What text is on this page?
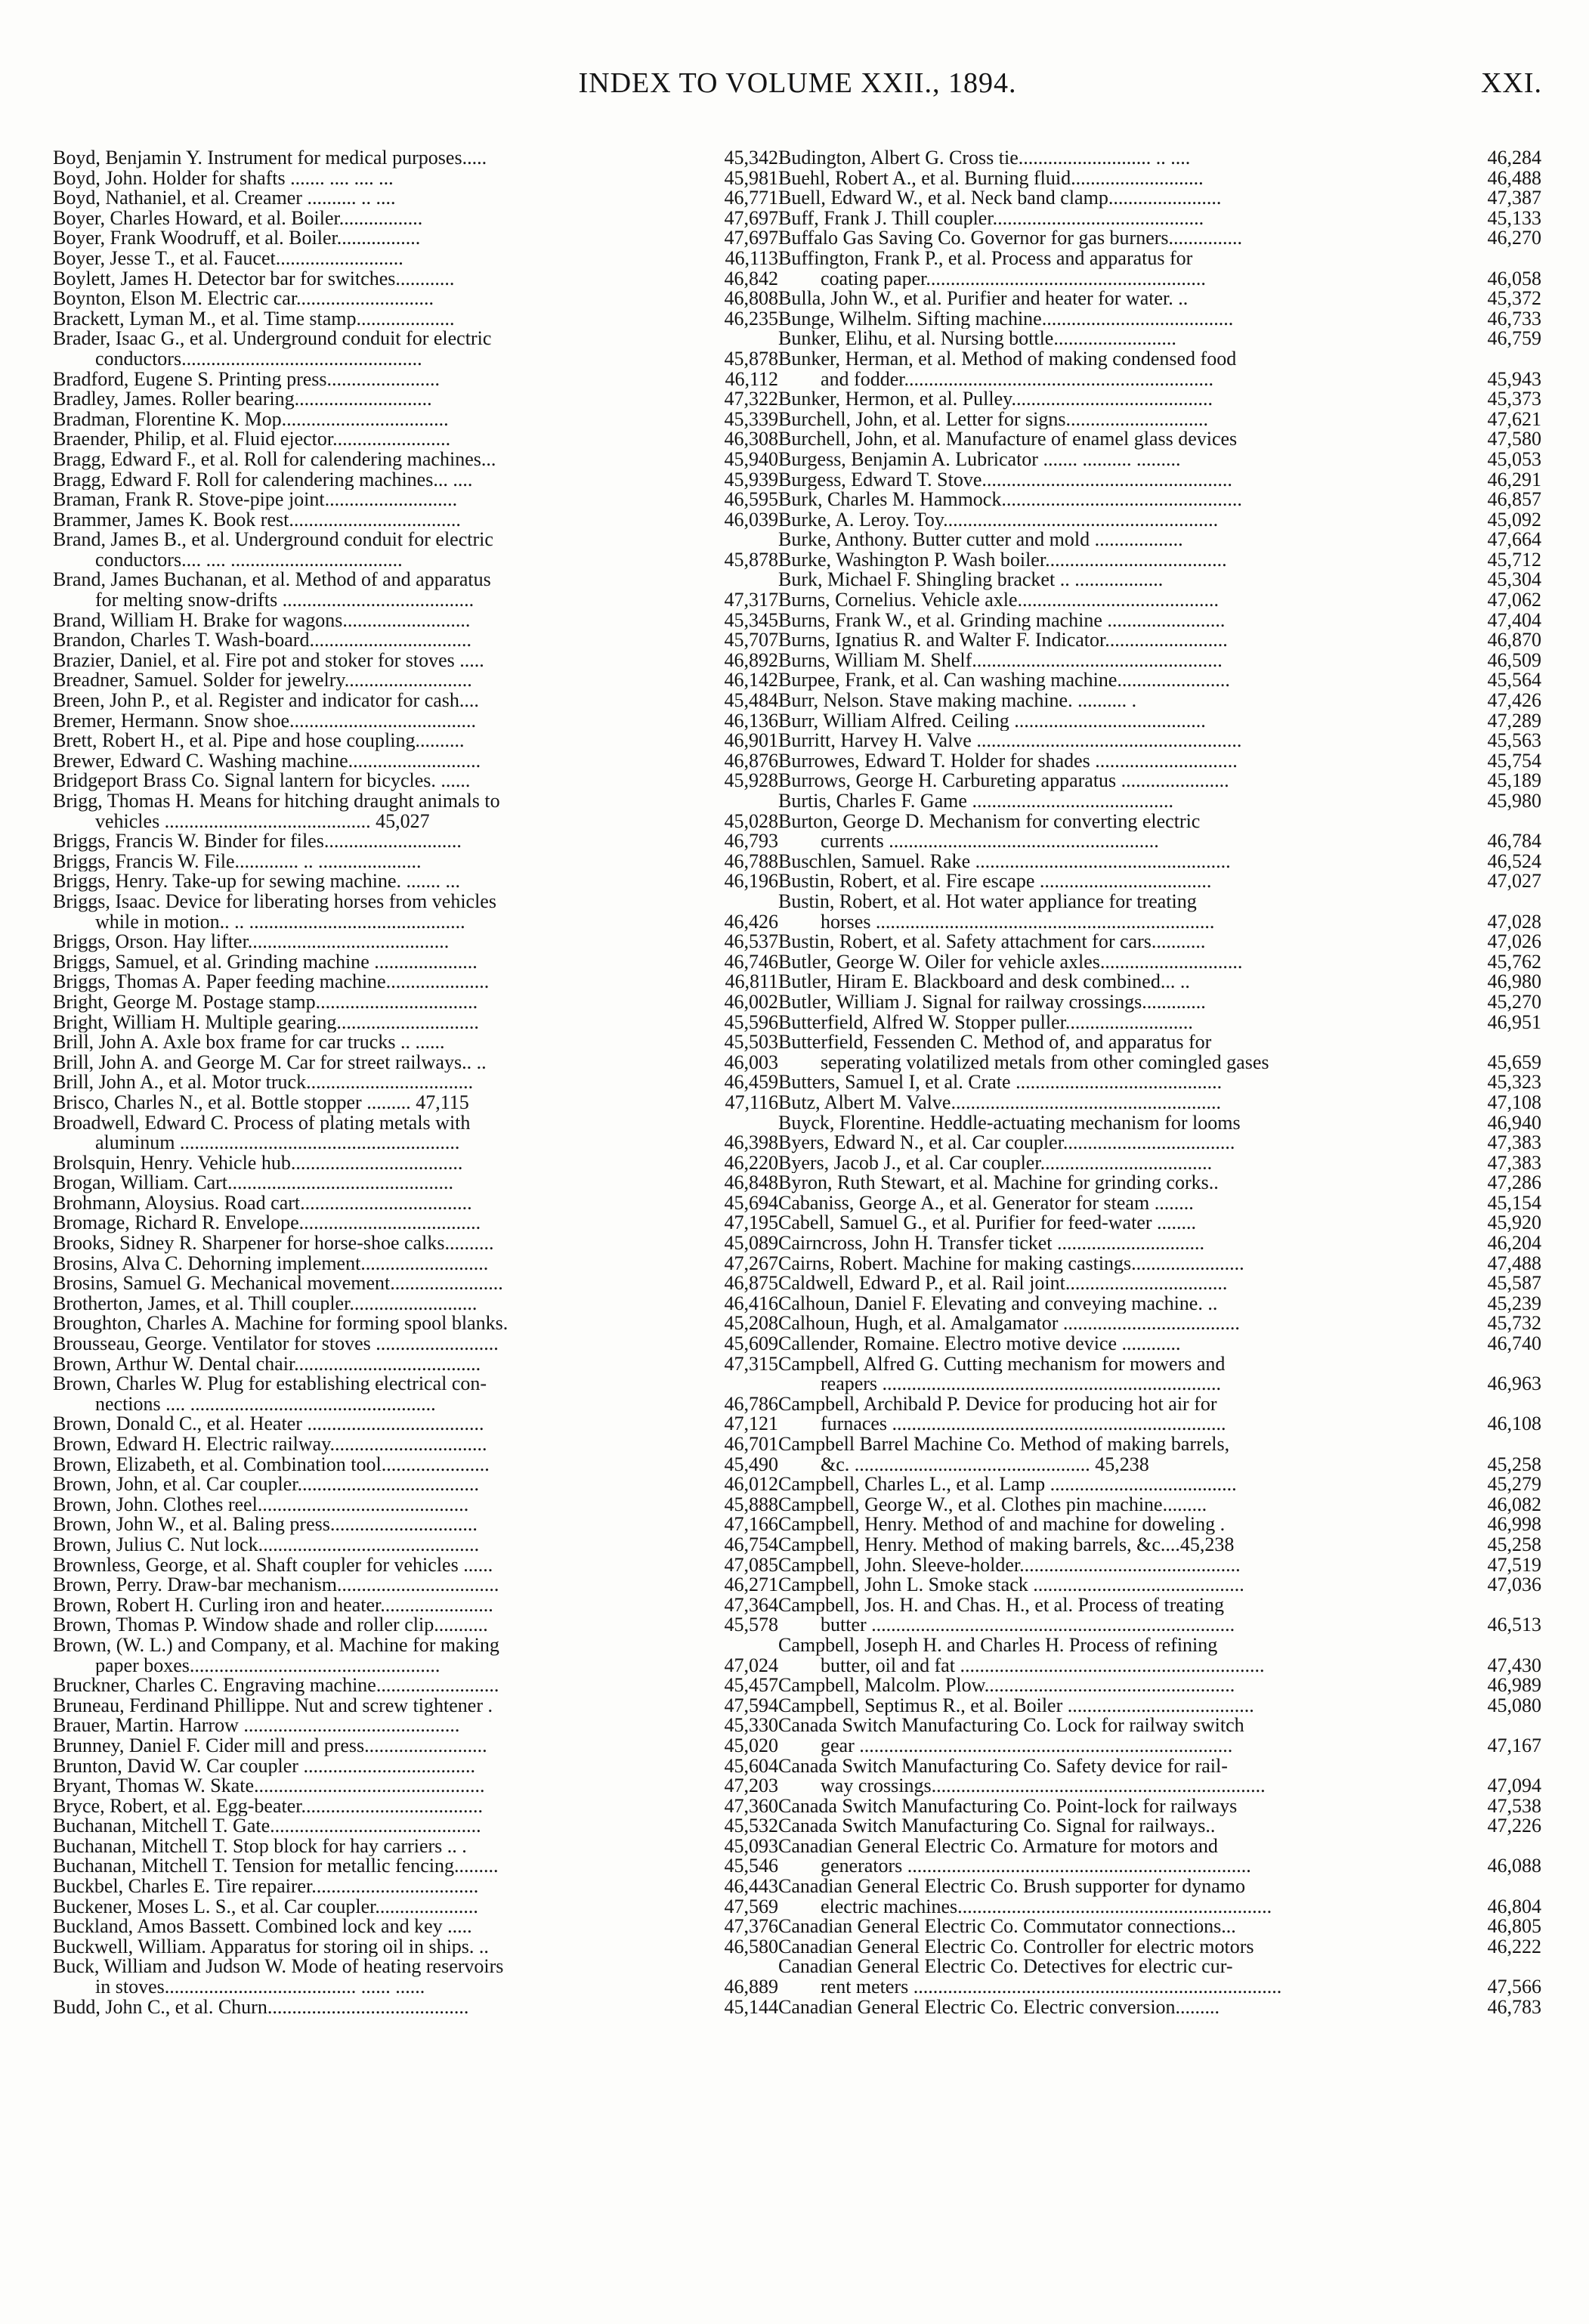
INDEX TO VOLUME XXII., 1894.	XXI.
Boyd, Benjamin Y. Instrument for medical purposes.....	45,342
Boyd, John. Holder for shafts ....... .... .... ...	45,981
Boyd, Nathaniel, et al. Creamer .......... .. ....	46,771
Boyer, Charles Howard, et al. Boiler.................	47,697
Boyer, Frank Woodruff, et al. Boiler.................	47,697
Boyer, Jesse T., et al. Faucet..........................	46,113
Boylett, James H. Detector bar for switches............	46,842
Boynton, Elson M. Electric car............................	46,808
Brackett, Lyman M., et al. Time stamp....................	46,235
Brader, Isaac G., et al. Underground conduit for electric
conductors.................................................	45,878
Bradford, Eugene S. Printing press.......................	46,112
Bradley, James. Roller bearing............................	47,322
Bradman, Florentine K. Mop..................................	45,339
Braender, Philip, et al. Fluid ejector........................	46,308
Bragg, Edward F., et al. Roll for calendering machines...	45,940
Bragg, Edward F. Roll for calendering machines... ....	45,939
Braman, Frank R. Stove-pipe joint...........................	46,595
Brammer, James K. Book rest...................................	46,039
Brand, James B., et al. Underground conduit for electric
conductors.... .... ...................................	45,878
Brand, James Buchanan, et al. Method of and apparatus
for melting snow-drifts .......................................	47,317
Brand, William H. Brake for wagons..........................	45,345
Brandon, Charles T. Wash-board.................................	45,707
Brazier, Daniel, et al. Fire pot and stoker for stoves .....	46,892
Breadner, Samuel. Solder for jewelry..........................	46,142
Breen, John P., et al. Register and indicator for cash....	45,484
Bremer, Hermann. Snow shoe......................................	46,136
Brett, Robert H., et al. Pipe and hose coupling..........	46,901
Brewer, Edward C. Washing machine...........................	46,876
Bridgeport Brass Co. Signal lantern for bicycles. ......	45,928
Brigg, Thomas H. Means for hitching draught animals to
vehicles .......................................... 45,027	45,028
Briggs, Francis W. Binder for files............................	46,793
Briggs, Francis W. File............. .. .....................	46,788
Briggs, Henry. Take-up for sewing machine. ....... ...	46,196
Briggs, Isaac. Device for liberating horses from vehicles
while in motion.. .. ............................................	46,426
Briggs, Orson. Hay lifter.........................................	46,537
Briggs, Samuel, et al. Grinding machine .....................	46,746
Briggs, Thomas A. Paper feeding machine.....................	46,811
Bright, George M. Postage stamp.................................	46,002
Bright, William H. Multiple gearing.............................	45,596
Brill, John A. Axle box frame for car trucks .. ......	45,503
Brill, John A. and George M. Car for street railways.. ..	46,003
Brill, John A., et al. Motor truck..................................	46,459
Brisco, Charles N., et al. Bottle stopper ......... 47,115	47,116
Broadwell, Edward C. Process of plating metals with
aluminum .........................................................	46,398
Brolsquin, Henry. Vehicle hub...................................	46,220
Brogan, William. Cart..............................................	46,848
Brohmann, Aloysius. Road cart...................................	45,694
Bromage, Richard R. Envelope.....................................	47,195
Brooks, Sidney R. Sharpener for horse-shoe calks..........	45,089
Brosins, Alva C. Dehorning implement..........................	47,267
Brosins, Samuel G. Mechanical movement.......................	46,875
Brotherton, James, et al. Thill coupler..........................	46,416
Broughton, Charles A. Machine for forming spool blanks.	45,208
Brousseau, George. Ventilator for stoves .........................	45,609
Brown, Arthur W. Dental chair......................................	47,315
Brown, Charles W. Plug for establishing electrical con-
nections .... ..................................................	46,786
Brown, Donald C., et al. Heater ....................................	47,121
Brown, Edward H. Electric railway................................	46,701
Brown, Elizabeth, et al. Combination tool......................	45,490
Brown, John, et al. Car coupler.....................................	46,012
Brown, John. Clothes reel...........................................	45,888
Brown, John W., et al. Baling press..............................	47,166
Brown, Julius C. Nut lock.............................................	46,754
Brownless, George, et al. Shaft coupler for vehicles ......	47,085
Brown, Perry. Draw-bar mechanism.................................	46,271
Brown, Robert H. Curling iron and heater.......................	47,364
Brown, Thomas P. Window shade and roller clip...........	45,578
Brown, (W. L.) and Company, et al. Machine for making
paper boxes...................................................	47,024
Bruckner, Charles C. Engraving machine.........................	45,457
Bruneau, Ferdinand Phillippe. Nut and screw tightener .	47,594
Brauer, Martin. Harrow ............................................	45,330
Brunney, Daniel F. Cider mill and press.........................	45,020
Brunton, David W. Car coupler ...................................	45,604
Bryant, Thomas W. Skate...............................................	47,203
Bryce, Robert, et al. Egg-beater.....................................	47,360
Buchanan, Mitchell T. Gate...........................................	45,532
Buchanan, Mitchell T. Stop block for hay carriers .. .	45,093
Buchanan, Mitchell T. Tension for metallic fencing.........	45,546
Buckbel, Charles E. Tire repairer..................................	46,443
Buckener, Moses L. S., et al. Car coupler.....................	47,569
Buckland, Amos Bassett. Combined lock and key .....	47,376
Buckwell, William. Apparatus for storing oil in ships. ..	46,580
Buck, William and Judson W. Mode of heating reservoirs
in stoves....................................... ...... ......	46,889
Budd, John C., et al. Churn.........................................	45,144
Budington, Albert G. Cross tie........................... .. ....	46,284
Buehl, Robert A., et al. Burning fluid...........................	46,488
Buell, Edward W., et al. Neck band clamp.......................	47,387
Buff, Frank J. Thill coupler...........................................	45,133
Buffalo Gas Saving Co. Governor for gas burners...............	46,270
Buffington, Frank P., et al. Process and apparatus for
coating paper.........................................................	46,058
Bulla, John W., et al. Purifier and heater for water. ..	45,372
Bunge, Wilhelm. Sifting machine.......................................	46,733
Bunker, Elihu, et al. Nursing bottle.........................	46,759
Bunker, Herman, et al. Method of making condensed food
and fodder...............................................................	45,943
Bunker, Hermon, et al. Pulley.........................................	45,373
Burchell, John, et al. Letter for signs.............................	47,621
Burchell, John, et al. Manufacture of enamel glass devices	47,580
Burgess, Benjamin A. Lubricator ....... .......... .........	45,053
Burgess, Edward T. Stove...................................................	46,291
Burk, Charles M. Hammock.................................................	46,857
Burke, A. Leroy. Toy........................................................	45,092
Burke, Anthony. Butter cutter and mold ..................	47,664
Burke, Washington P. Wash boiler.....................................	45,712
Burk, Michael F. Shingling bracket .. ..................	45,304
Burns, Cornelius. Vehicle axle.........................................	47,062
Burns, Frank W., et al. Grinding machine ........................	47,404
Burns, Ignatius R. and Walter F. Indicator.........................	46,870
Burns, William M. Shelf...................................................	46,509
Burpee, Frank, et al. Can washing machine.......................	45,564
Burr, Nelson. Stave making machine. .......... .	47,426
Burr, William Alfred. Ceiling .......................................	47,289
Burritt, Harvey H. Valve ......................................................	45,563
Burrowes, Edward T. Holder for shades .............................	45,754
Burrows, George H. Carbureting apparatus ......................	45,189
Burtis, Charles F. Game .........................................	45,980
Burton, George D. Mechanism for converting electric
currents .......................................................	46,784
Buschlen, Samuel. Rake ....................................................	46,524
Bustin, Robert, et al. Fire escape ...................................	47,027
Bustin, Robert, et al. Hot water appliance for treating
horses .....................................................................	47,028
Bustin, Robert, et al. Safety attachment for cars...........	47,026
Butler, George W. Oiler for vehicle axles.............................	45,762
Butler, Hiram E. Blackboard and desk combined... ..	46,980
Butler, William J. Signal for railway crossings.............	45,270
Butterfield, Alfred W. Stopper puller..........................	46,951
Butterfield, Fessenden C. Method of, and apparatus for
seperating volatilized metals from other comingled gases	45,659
Butters, Samuel I, et al. Crate ..........................................	45,323
Butz, Albert M. Valve.......................................................	47,108
Buyck, Florentine. Heddle-actuating mechanism for looms	46,940
Byers, Edward N., et al. Car coupler...................................	47,383
Byers, Jacob J., et al. Car coupler...................................	47,383
Byron, Ruth Stewart, et al. Machine for grinding corks..	47,286
Cabaniss, George A., et al. Generator for steam ........	45,154
Cabell, Samuel G., et al. Purifier for feed-water ........	45,920
Cairncross, John H. Transfer ticket ..............................	46,204
Cairns, Robert. Machine for making castings.......................	47,488
Caldwell, Edward P., et al. Rail joint.................................	45,587
Calhoun, Daniel F. Elevating and conveying machine. ..	45,239
Calhoun, Hugh, et al. Amalgamator ....................................	45,732
Callender, Romaine. Electro motive device ............	46,740
Campbell, Alfred G. Cutting mechanism for mowers and
reapers .....................................................................	46,963
Campbell, Archibald P. Device for producing hot air for
furnaces ....................................................................	46,108
Campbell Barrel Machine Co. Method of making barrels,
&c. ................................................ 45,238	45,258
Campbell, Charles L., et al. Lamp ......................................	45,279
Campbell, George W., et al. Clothes pin machine.........	46,082
Campbell, Henry. Method of and machine for doweling .	46,998
Campbell, Henry. Method of making barrels, &c....45,238	45,258
Campbell, John. Sleeve-holder.............................................	47,519
Campbell, John L. Smoke stack ...........................................	47,036
Campbell, Jos. H. and Chas. H., et al. Process of treating
butter ..........................................................................	46,513
Campbell, Joseph H. and Charles H. Process of refining
butter, oil and fat ..............................................................	47,430
Campbell, Malcolm. Plow...................................................	46,989
Campbell, Septimus R., et al. Boiler ......................................	45,080
Canada Switch Manufacturing Co. Lock for railway switch
gear ............................................................................	47,167
Canada Switch Manufacturing Co. Safety device for rail-
way crossings....................................................................	47,094
Canada Switch Manufacturing Co. Point-lock for railways	47,538
Canada Switch Manufacturing Co. Signal for railways..	47,226
Canadian General Electric Co. Armature for motors and
generators ......................................................................	46,088
Canadian General Electric Co. Brush supporter for dynamo
electric machines................................................................	46,804
Canadian General Electric Co. Commutator connections...	46,805
Canadian General Electric Co. Controller for electric motors	46,222
Canadian General Electric Co. Detectives for electric cur-
rent meters ...........................................................................	47,566
Canadian General Electric Co. Electric conversion.........	46,783
